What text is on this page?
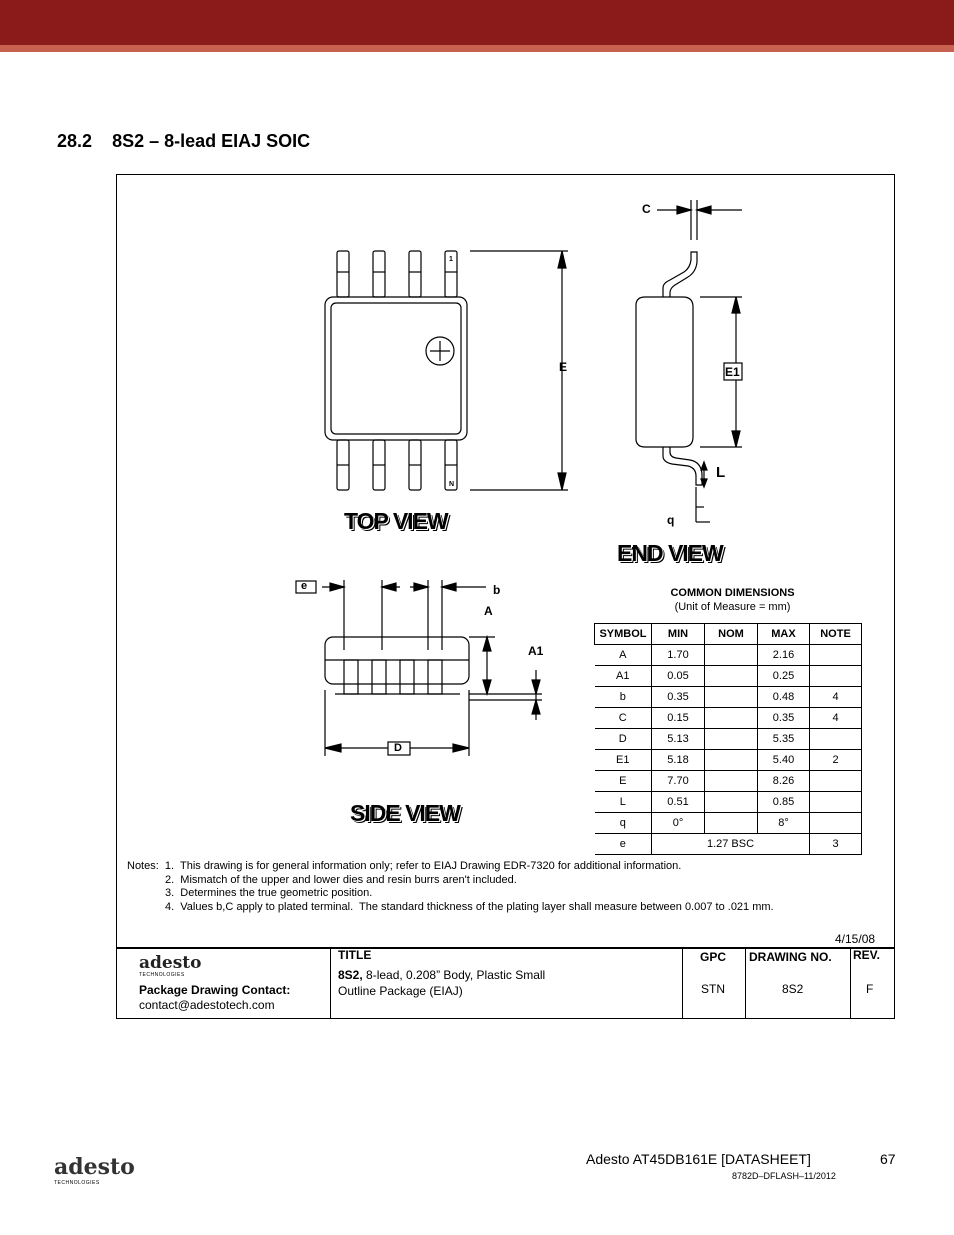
28.2 8S2 – 8-lead EIAJ SOIC
C
E1
E
L
q
e	b
A
A1
D
1
N
TOP VIEW
END VIEW
SIDE VIEW
COMMON DIMENSIONS
(Unit of Measure = mm)
SYMBOL	MIN	NOM	MAX	NOTE
A	1.70		2.16	
A1	0.05		0.25	
b	0.35		0.48	4
C	0.15		0.35	4
D	5.13		5.35	
E1	5.18		5.40	2
E	7.70		8.26	
L	0.51		0.85	
q	0°		8°	
e	1.27 BSC			3
Notes: 1.  This drawing is for general information only; refer to EIAJ Drawing EDR-7320 for additional information.
2.  Mismatch of the upper and lower dies and resin burrs aren't included.
3.  Determines the true geometric position.
4.  Values b,C apply to plated terminal.  The standard thickness of the plating layer shall measure between 0.007 to .021 mm.
4/15/08
adesto
TECHNOLOGIES
Package Drawing Contact:
contact@adestotech.com
TITLE
8S2, 8-lead, 0.208” Body, Plastic Small
Outline Package (EIAJ)
GPC
STN
DRAWING NO.
8S2
REV.
F
adesto
TECHNOLOGIES
Adesto AT45DB161E [DATASHEET]	67
8782D–DFLASH–11/2012
